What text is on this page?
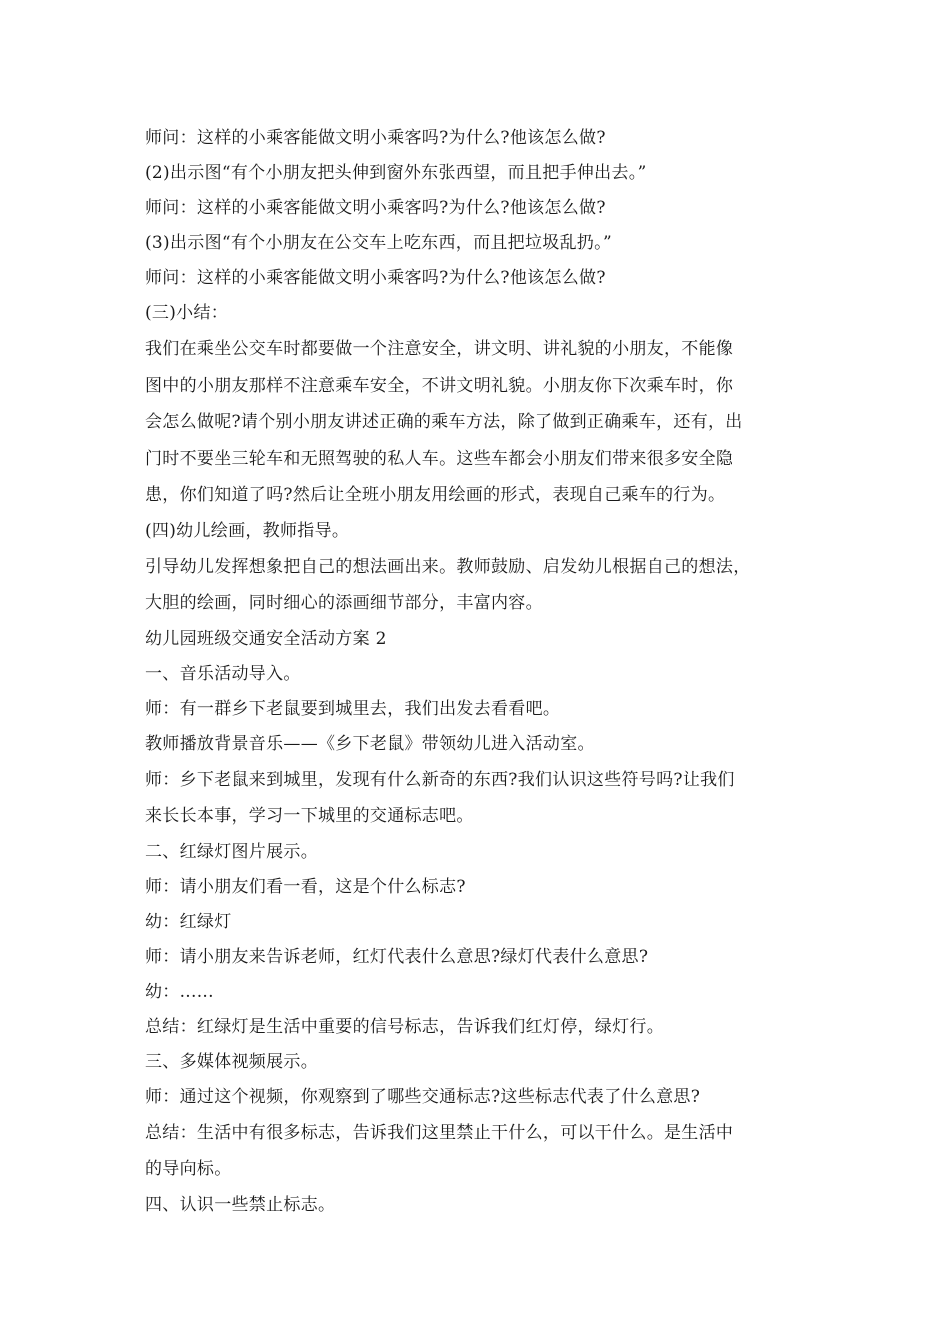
师问：这样的小乘客能做文明小乘客吗?为什么?他该怎么做?
(2)出示图“有个小朋友把头伸到窗外东张西望，而且把手伸出去。”
师问：这样的小乘客能做文明小乘客吗?为什么?他该怎么做?
(3)出示图“有个小朋友在公交车上吃东西，而且把垃圾乱扔。”
师问：这样的小乘客能做文明小乘客吗?为什么?他该怎么做?
(三)小结：
我们在乘坐公交车时都要做一个注意安全，讲文明、讲礼貌的小朋友，不能像
图中的小朋友那样不注意乘车安全，不讲文明礼貌。小朋友你下次乘车时，你
会怎么做呢?请个别小朋友讲述正确的乘车方法，除了做到正确乘车，还有，出
门时不要坐三轮车和无照驾驶的私人车。这些车都会小朋友们带来很多安全隐
患，你们知道了吗?然后让全班小朋友用绘画的形式，表现自己乘车的行为。
(四)幼儿绘画，教师指导。
引导幼儿发挥想象把自己的想法画出来。教师鼓励、启发幼儿根据自己的想法，
大胆的绘画，同时细心的添画细节部分，丰富内容。
幼儿园班级交通安全活动方案 2
一、音乐活动导入。
师：有一群乡下老鼠要到城里去，我们出发去看看吧。
教师播放背景音乐——《乡下老鼠》带领幼儿进入活动室。
师：乡下老鼠来到城里，发现有什么新奇的东西?我们认识这些符号吗?让我们
来长长本事，学习一下城里的交通标志吧。
二、红绿灯图片展示。
师：请小朋友们看一看，这是个什么标志?
幼：红绿灯
师：请小朋友来告诉老师，红灯代表什么意思?绿灯代表什么意思?
幼：......
总结：红绿灯是生活中重要的信号标志，告诉我们红灯停，绿灯行。
三、多媒体视频展示。
师：通过这个视频，你观察到了哪些交通标志?这些标志代表了什么意思?
总结：生活中有很多标志，告诉我们这里禁止干什么，可以干什么。是生活中
的导向标。
四、认识一些禁止标志。
